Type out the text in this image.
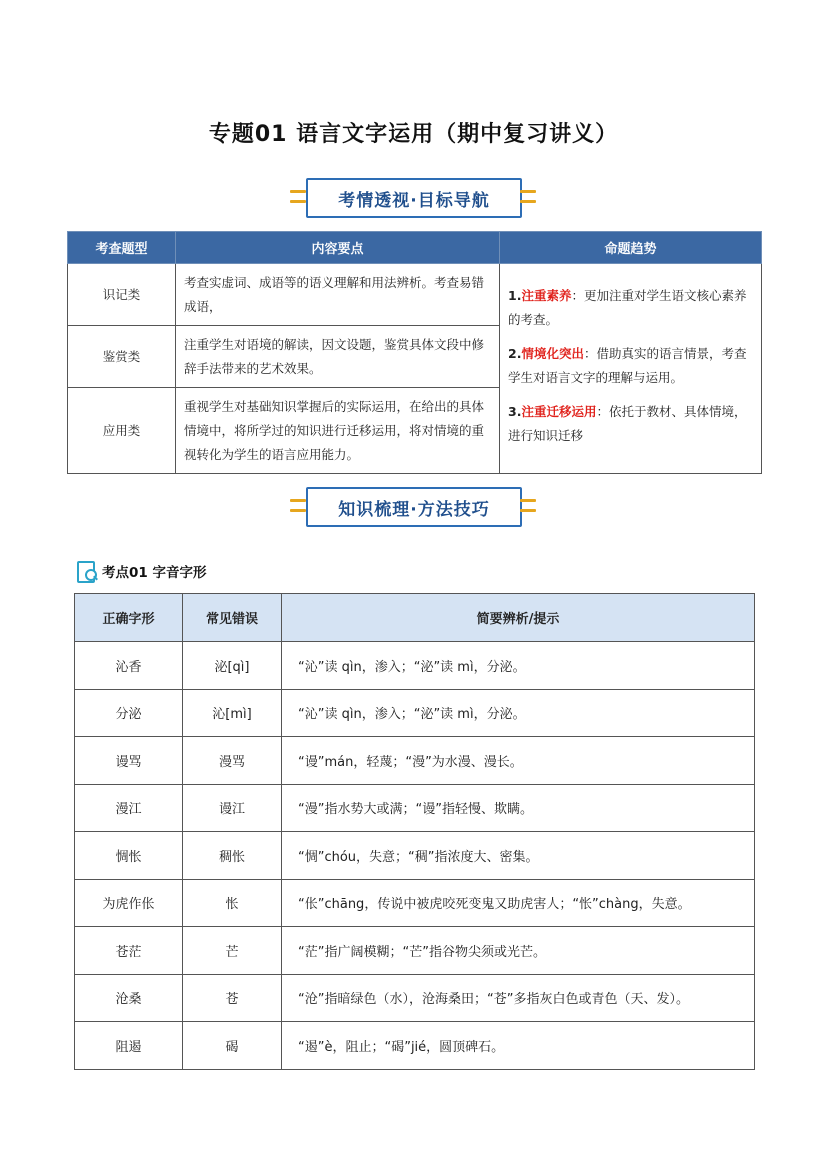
专题01 语言文字运用（期中复习讲义）
考情透视·目标导航
考查题型	内容要点	命题趋势
识记类	考查实虚词、成语等的语义理解和用法辨析。考查易错成语，	1.注重素养：更加注重对学生语文核心素养的考查。
2.情境化突出：借助真实的语言情景，考查学生对语言文字的理解与运用。
3.注重迁移运用：依托于教材、具体情境，进行知识迁移

鉴赏类	注重学生对语境的解读，因文设题，鉴赏具体文段中修辞手法带来的艺术效果。	
应用类	重视学生对基础知识掌握后的实际运用，在给出的具体情境中，将所学过的知识进行迁移运用，将对情境的重视转化为学生的语言应用能力。	
知识梳理·方法技巧
考点01 字音字形
正确字形	常见错误	简要辨析/提示
沁香	泌[qì]	“沁”读 qìn，渗入；“泌”读 mì，分泌。
分泌	沁[mì]	“沁”读 qìn，渗入；“泌”读 mì，分泌。
谩骂	漫骂	“谩”mán，轻蔑；“漫”为水漫、漫长。
漫江	谩江	“漫”指水势大或满；“谩”指轻慢、欺瞒。
惆怅	稠怅	“惆”chóu，失意；“稠”指浓度大、密集。
为虎作伥	怅	“伥”chāng，传说中被虎咬死变鬼又助虎害人；“怅”chàng，失意。
苍茫	芒	“茫”指广阔模糊；“芒”指谷物尖须或光芒。
沧桑	苍	“沧”指暗绿色（水），沧海桑田；“苍”多指灰白色或青色（天、发）。
阻遏	碣	“遏”è，阻止；“碣”jié，圆顶碑石。
